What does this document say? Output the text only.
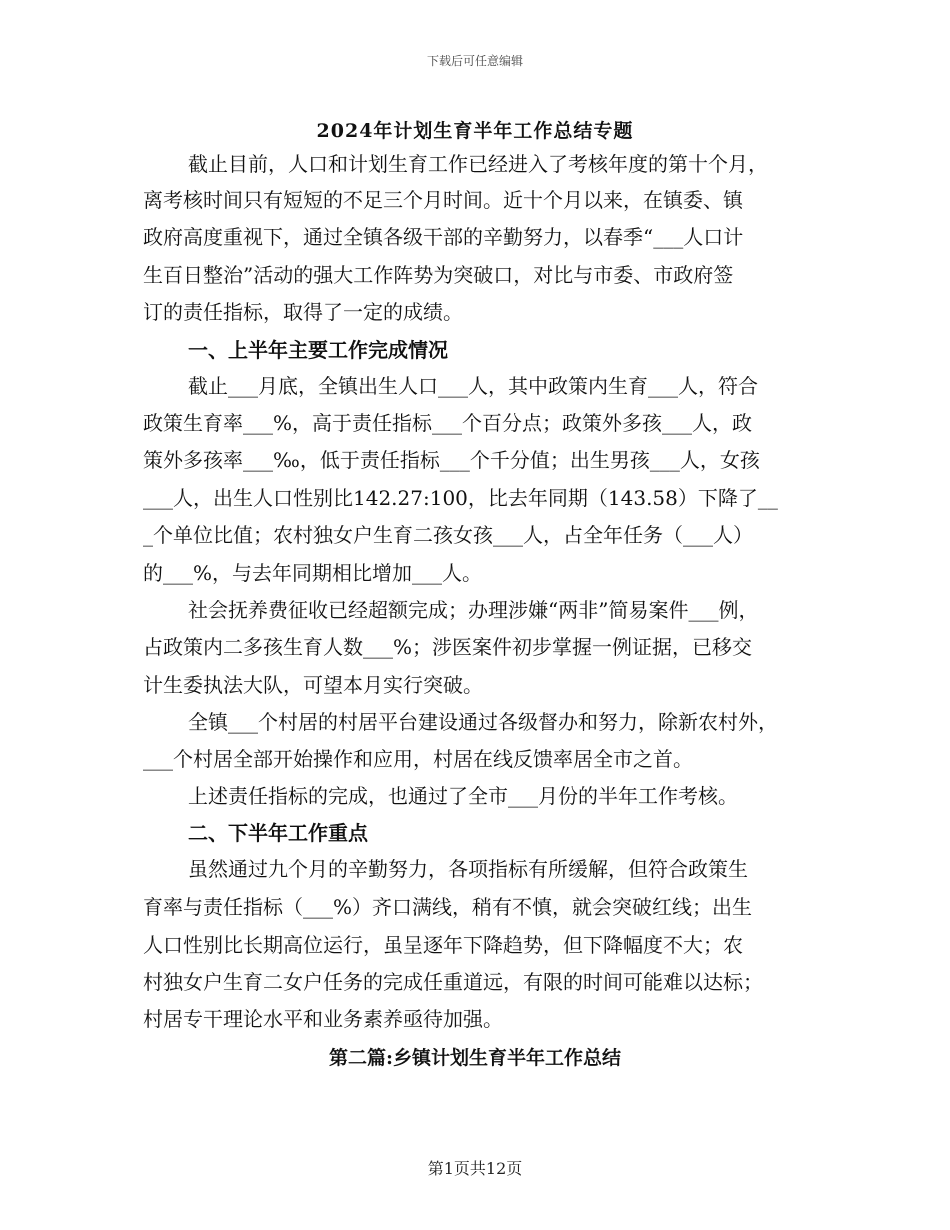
下载后可任意编辑
2024年计划生育半年工作总结专题
截止目前，人口和计划生育工作已经进入了考核年度的第十个月，
离考核时间只有短短的不足三个月时间。近十个月以来，在镇委、镇
政府高度重视下，通过全镇各级干部的辛勤努力，以春季“___人口计
生百日整治”活动的强大工作阵势为突破口，对比与市委、市政府签
订的责任指标，取得了一定的成绩。
一、上半年主要工作完成情况
截止___月底，全镇出生人口___人，其中政策内生育___人，符合
政策生育率___%，高于责任指标___个百分点；政策外多孩___人，政
策外多孩率___‰，低于责任指标___个千分值；出生男孩___人，女孩
___人，出生人口性别比142.27:100，比去年同期（143.58）下降了__
_个单位比值；农村独女户生育二孩女孩___人，占全年任务（___人）
的___%，与去年同期相比增加___人。
社会抚养费征收已经超额完成；办理涉嫌“两非”简易案件___例，
占政策内二多孩生育人数___%；涉医案件初步掌握一例证据，已移交
计生委执法大队，可望本月实行突破。
全镇___个村居的村居平台建设通过各级督办和努力，除新农村外，
___个村居全部开始操作和应用，村居在线反馈率居全市之首。
上述责任指标的完成，也通过了全市___月份的半年工作考核。
二、下半年工作重点
虽然通过九个月的辛勤努力，各项指标有所缓解，但符合政策生
育率与责任指标（___%）齐口满线，稍有不慎，就会突破红线；出生
人口性别比长期高位运行，虽呈逐年下降趋势，但下降幅度不大；农
村独女户生育二女户任务的完成任重道远，有限的时间可能难以达标；
村居专干理论水平和业务素养亟待加强。
第二篇:乡镇计划生育半年工作总结
第1页共12页
